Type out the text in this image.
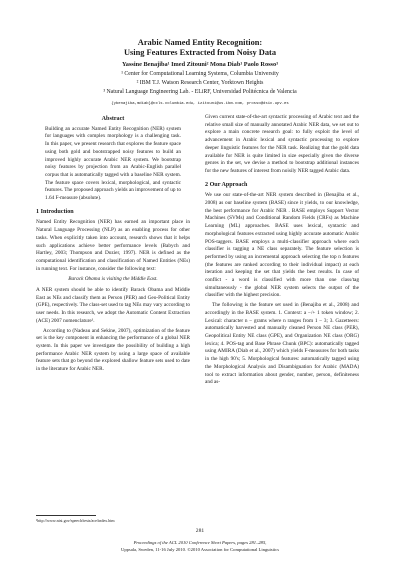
Arabic Named Entity Recognition:
Using Features Extracted from Noisy Data
Yassine Benajiba¹ Imed Zitouni² Mona Diab¹ Paolo Rosso³
¹ Center for Computational Learning Systems, Columbia University
² IBM T.J. Watson Research Center, Yorktown Heights
³ Natural Language Engineering Lab. - ELiRF, Universidad Politécnica de Valencia
{ybenajiba,mdiab}@ccls.columbia.edu, izitouni@us.ibm.com, prosso@dsic.upv.es
Abstract
Building an accurate Named Entity Recognition (NER) system for languages with complex morphology is a challenging task. In this paper, we present research that explores the feature space using both gold and bootstrapped noisy features to build an improved highly accurate Arabic NER system. We bootstrap noisy features by projection from an Arabic-English parallel corpus that is automatically tagged with a baseline NER system. The feature space covers lexical, morphological, and syntactic features. The proposed approach yields an improvement of up to 1.64 F-measure (absolute).
1 Introduction

Named Entity Recognition (NER) has earned an important place in Natural Language Processing (NLP) as an enabling process for other tasks. When explicitly taken into account, research shows that it helps such applications achieve better performance levels (Babych and Hartley, 2003; Thompson and Dozier, 1997). NER is defined as the computational identification and classification of Named Entities (NEs) in running text. For instance, consider the following text:

Barack Obama is visiting the Middle East.

A NER system should be able to identify Barack Obama and Middle East as NEs and classify them as Person (PER) and Geo-Political Entity (GPE), respectively. The class-set used to tag NEs may vary according to user needs. In this research, we adopt the Automatic Content Extraction (ACE) 2007 nomenclature¹.

According to (Nadeau and Sekine, 2007), optimization of the feature set is the key component in enhancing the performance of a global NER system. In this paper we investigate the possibility of building a high performance Arabic NER system by using a large space of available feature sets that go beyond the explored shallow feature sets used to date in the literature for Arabic NER.

Given current state-of-the-art syntactic processing of Arabic text and the relative small size of manually annotated Arabic NER data, we set out to explore a main concrete research goal: to fully exploit the level of advancement in Arabic lexical and syntactic processing to explore deeper linguistic features for the NER task. Realizing that the gold data available for NER is quite limited in size especially given the diverse genres in the set, we devise a method to bootstrap additional instances for the new features of interest from noisily NER tagged Arabic data.

2 Our Approach

We use our state-of-the-art NER system described in (Benajiba et al., 2008) as our baseline system (BASE) since it yields, to our knowledge, the best performance for Arabic NER . BASE employs Support Vector Machines (SVMs) and Conditional Random Fields (CRFs) as Machine Learning (ML) approaches. BASE uses lexical, syntactic and morphological features extracted using highly accurate automatic Arabic POS-taggers. BASE employs a multi-classifier approach where each classifier is tagging a NE class separately. The feature selection is performed by using an incremental approach selecting the top n features (the features are ranked according to their individual impact) at each iteration and keeping the set that yields the best results. In case of conflict - a word is classified with more than one class/tag simultaneously - the global NER system selects the output of the classifier with the highest precision.

The following is the feature set used in (Benajiba et al., 2008) and accordingly in the BASE system. 1. Context: a −/+ 1 token window; 2. Lexical: character n − grams where n ranges from 1 − 3; 3. Gazetteers: automatically harvested and manually cleaned Person NE class (PER), Geopolitical Entity NE class (GPE), and Organization NE class (ORG) lexica; 4. POS-tag and Base Phrase Chunk (BPC): automatically tagged using AMIRA (Diab et al., 2007) which yields F-measures for both tasks in the high 90's; 5. Morphological features: automatically tagged using the Morphological Analysis and Disambiguation for Arabic (MADA) tool to extract information about gender, number, person, definiteness and as-

¹http://www.nist.gov/speech/tests/ace/index.htm
281
Proceedings of the ACL 2010 Conference Short Papers, pages 281–285,
Uppsala, Sweden, 11-16 July 2010. ©2010 Association for Computational Linguistics
